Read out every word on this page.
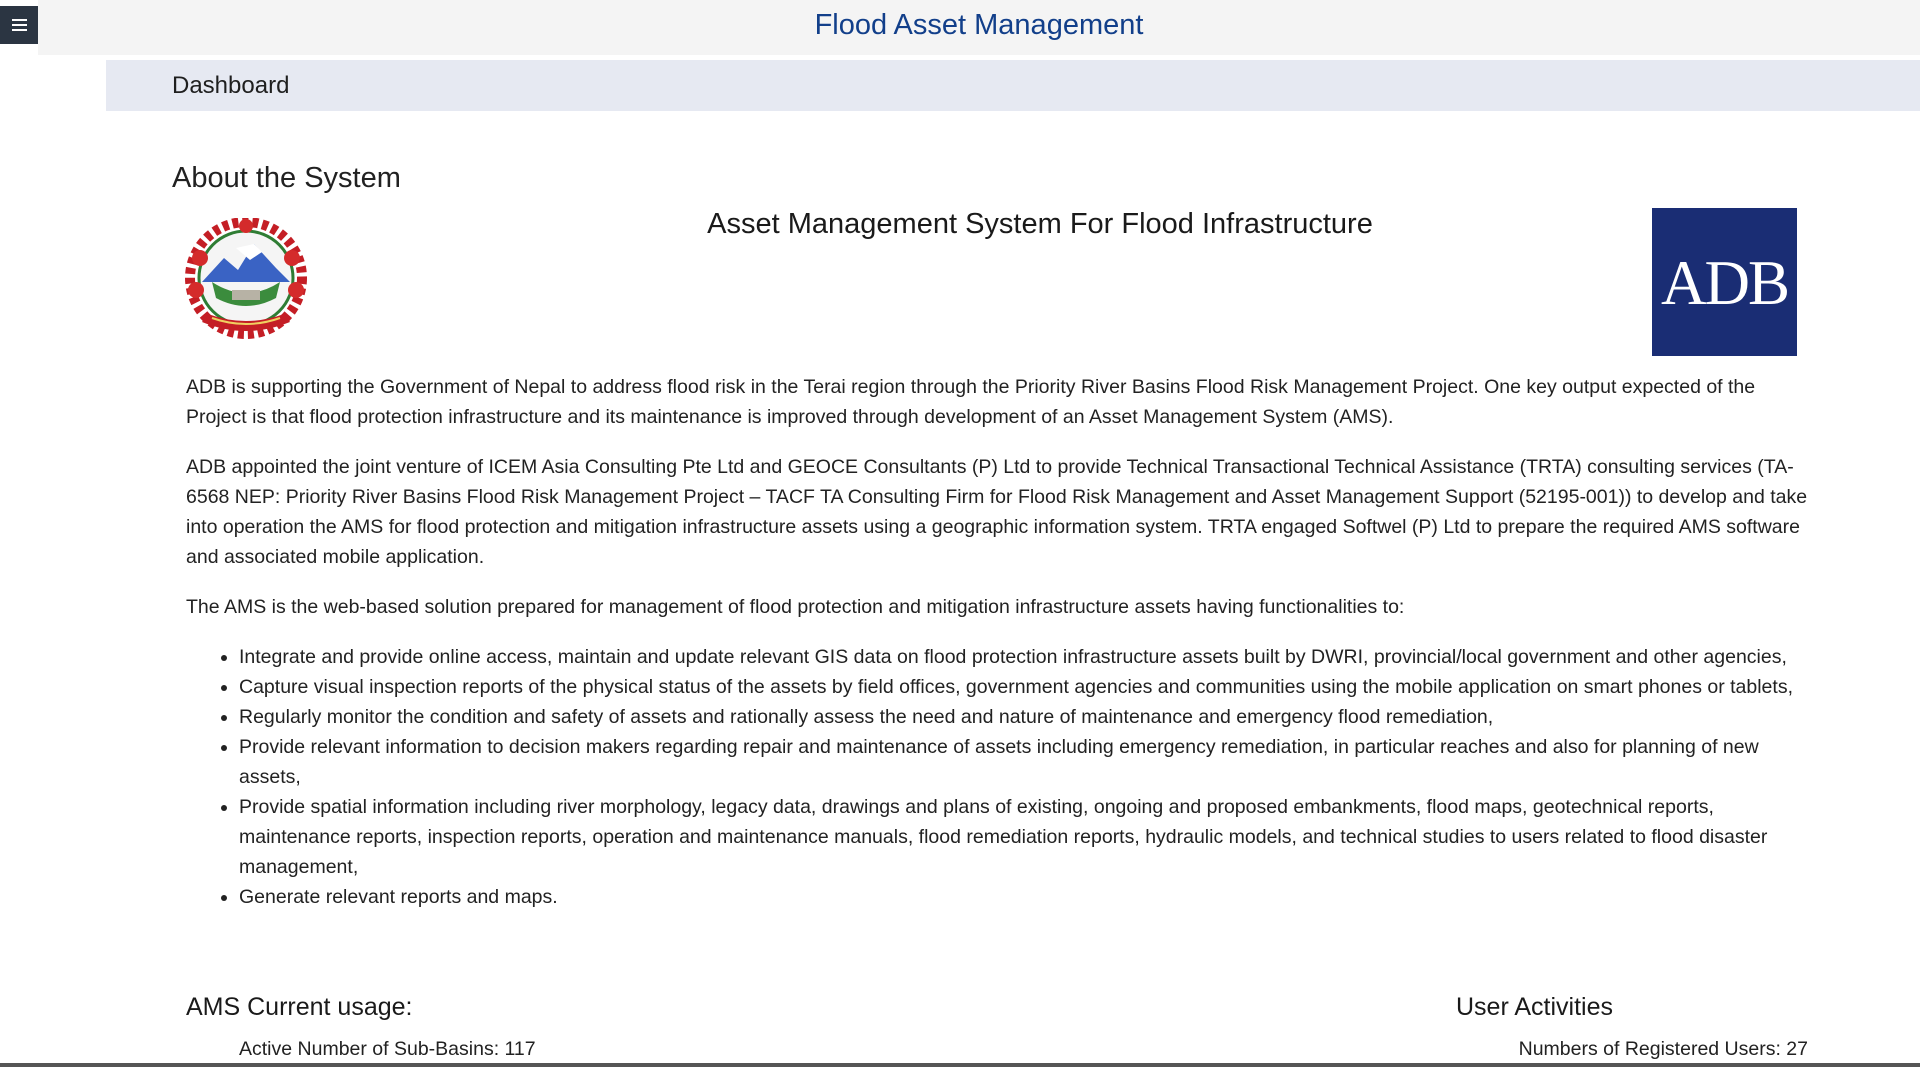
Flood Asset Management
Dashboard
About the System
Asset Management System For Flood Infrastructure
ADB

ADB is supporting the Government of Nepal to address flood risk in the Terai region through the Priority River Basins Flood Risk Management Project. One key output expected of the Project is that flood protection infrastructure and its maintenance is improved through development of an Asset Management System (AMS).

ADB appointed the joint venture of ICEM Asia Consulting Pte Ltd and GEOCE Consultants (P) Ltd to provide Technical Transactional Technical Assistance (TRTA) consulting services (TA-6568 NEP: Priority River Basins Flood Risk Management Project – TACF TA Consulting Firm for Flood Risk Management and Asset Management Support (52195-001)) to develop and take into operation the AMS for flood protection and mitigation infrastructure assets using a geographic information system. TRTA engaged Softwel (P) Ltd to prepare the required AMS software and associated mobile application.

The AMS is the web-based solution prepared for management of flood protection and mitigation infrastructure assets having functionalities to:

• Integrate and provide online access, maintain and update relevant GIS data on flood protection infrastructure assets built by DWRI, provincial/local government and other agencies,
• Capture visual inspection reports of the physical status of the assets by field offices, government agencies and communities using the mobile application on smart phones or tablets,
• Regularly monitor the condition and safety of assets and rationally assess the need and nature of maintenance and emergency flood remediation,
• Provide relevant information to decision makers regarding repair and maintenance of assets including emergency remediation, in particular reaches and also for planning of new assets,
• Provide spatial information including river morphology, legacy data, drawings and plans of existing, ongoing and proposed embankments, flood maps, geotechnical reports, maintenance reports, inspection reports, operation and maintenance manuals, flood remediation reports, hydraulic models, and technical studies to users related to flood disaster management,
• Generate relevant reports and maps.
AMS Current usage:
Active Number of Sub-Basins: 117
User Activities
Numbers of Registered Users: 27
